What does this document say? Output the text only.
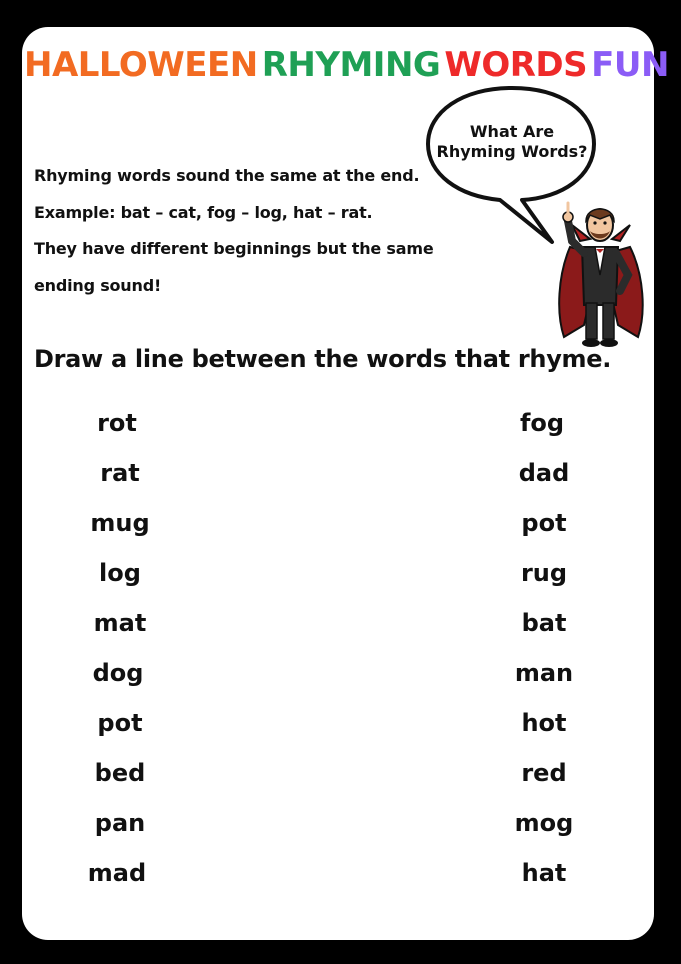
HALLOWEEN RHYMING WORDS FUN
What Are
Rhyming Words?
Rhyming words sound the same at the end.
Example: bat – cat, fog – log, hat – rat.
They have different beginnings but the same
ending sound!
Draw a line between the words that rhyme.
rot
rat
mug
log
mat
dog
pot
bed
pan
mad
fog
dad
pot
rug
bat
man
hot
red
mog
hat
